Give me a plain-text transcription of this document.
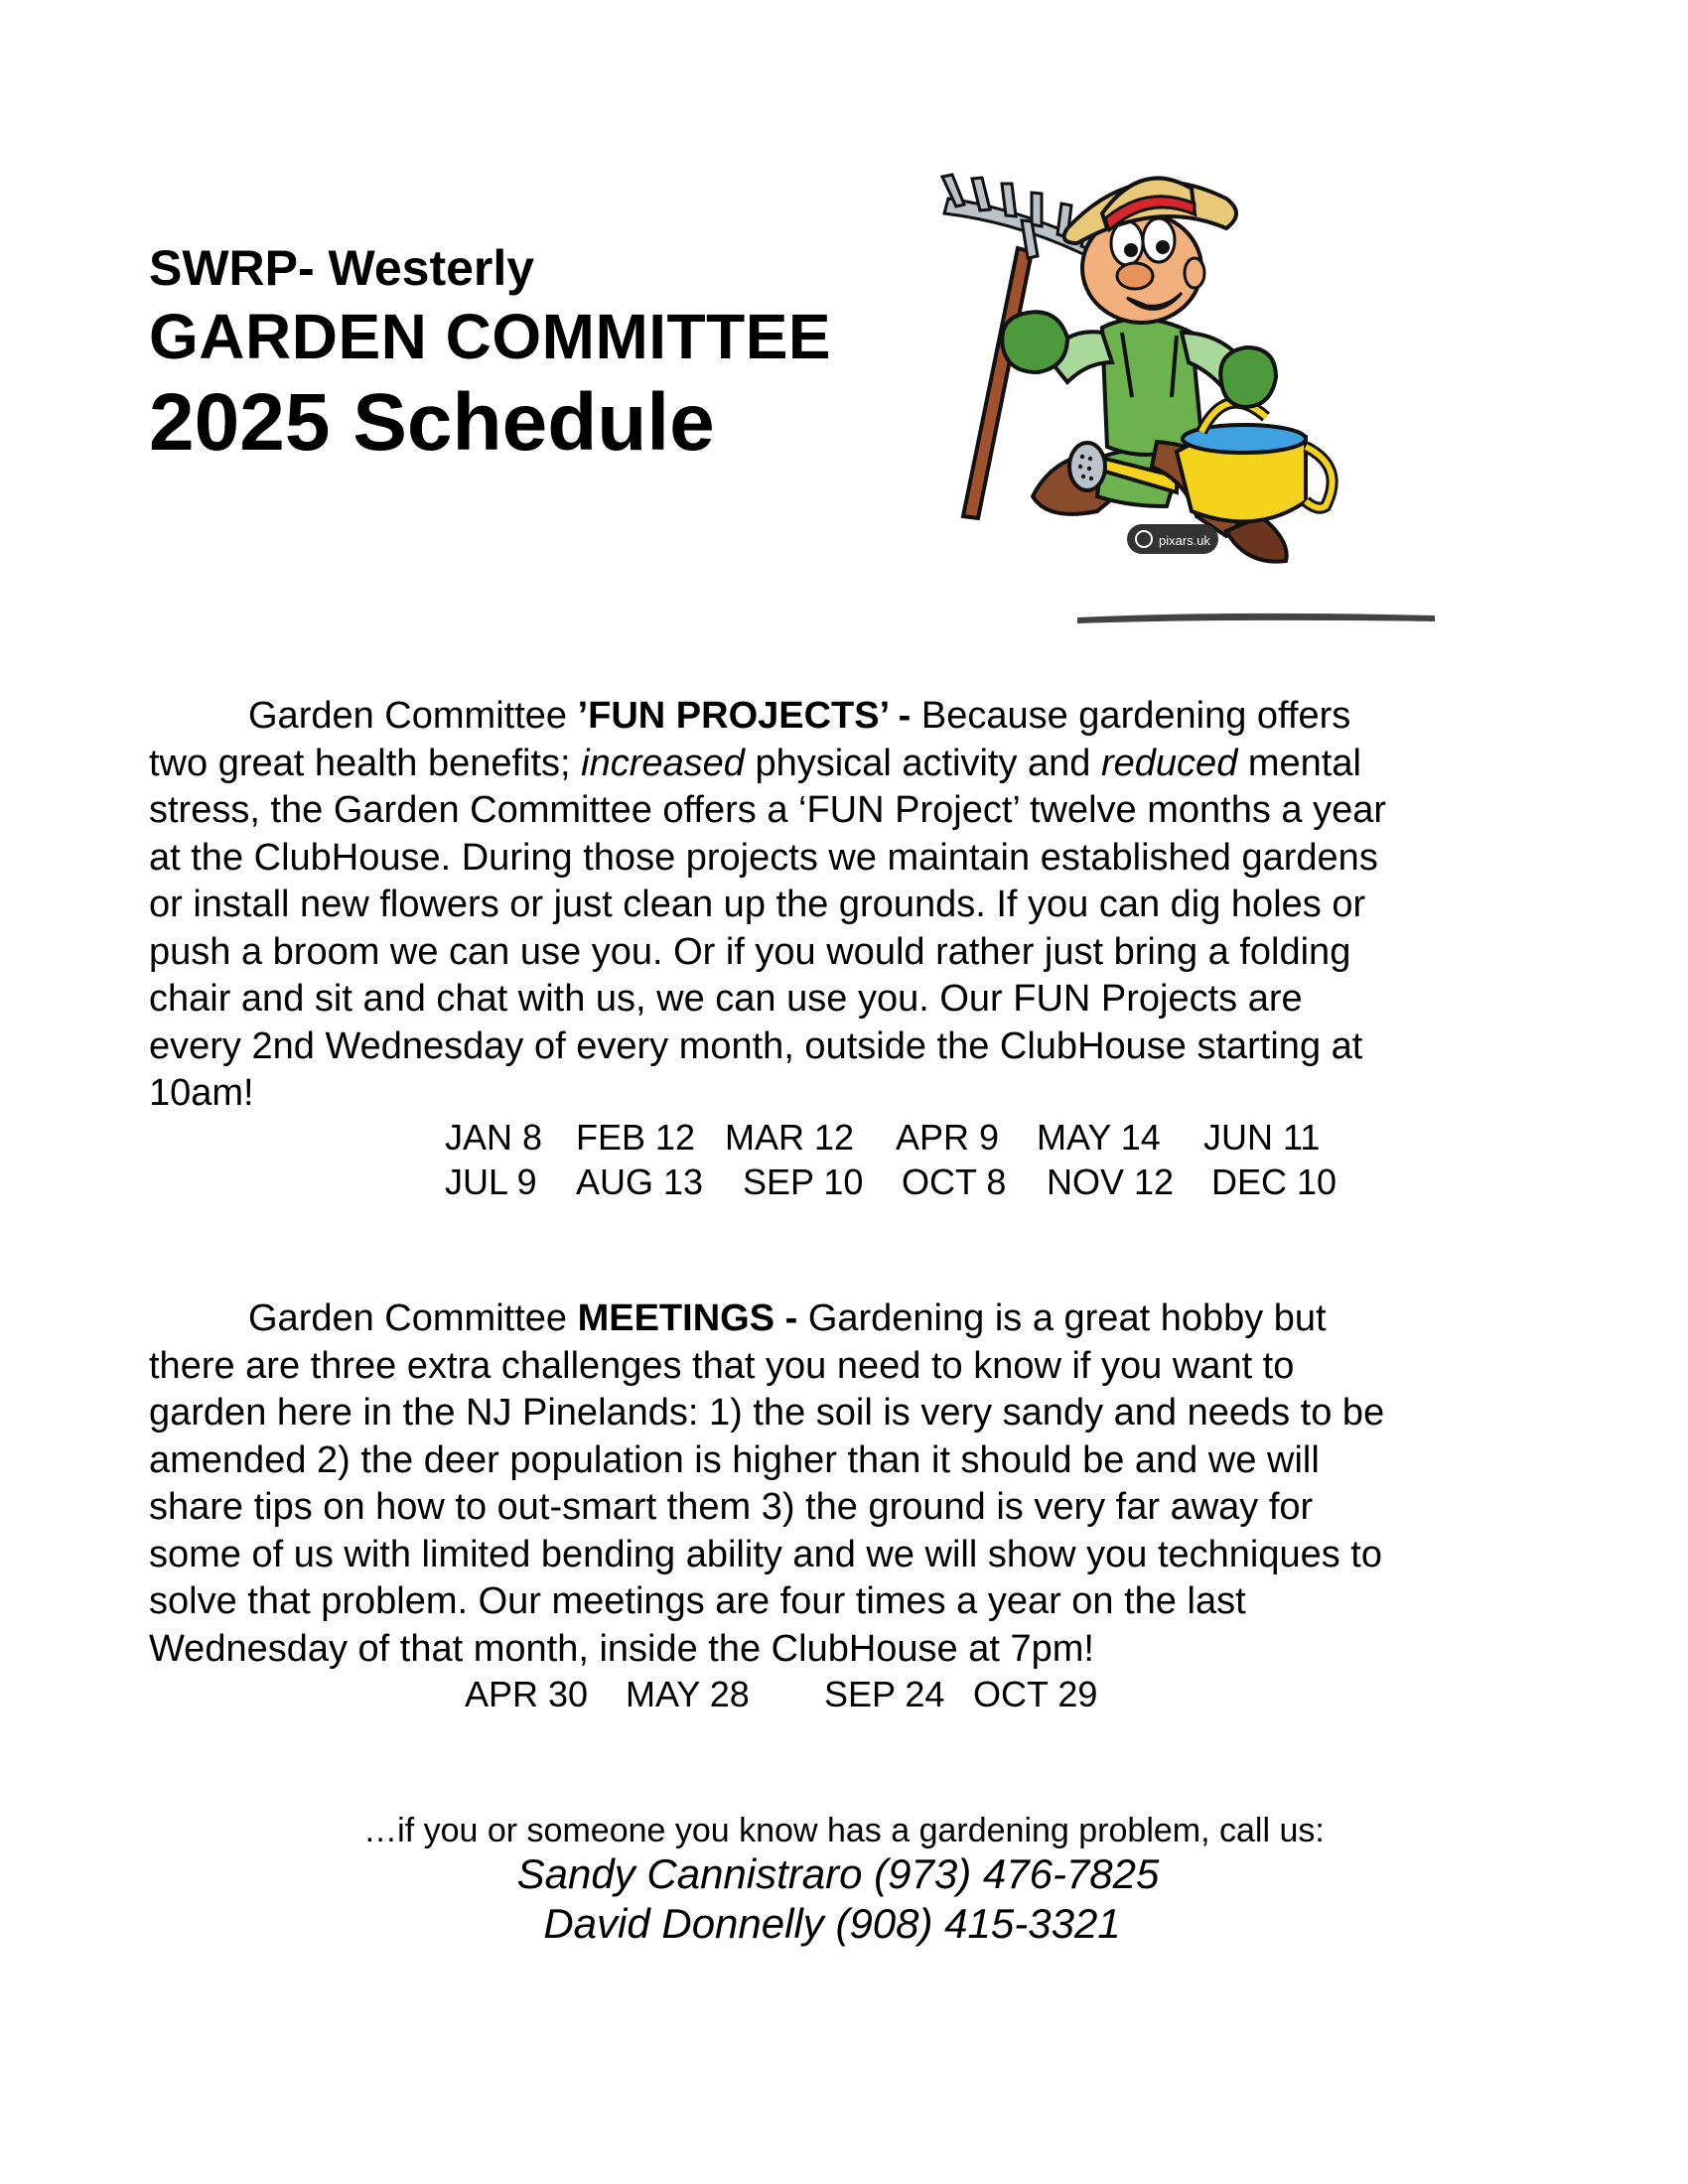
SWRP- Westerly
GARDEN COMMITTEE
2025 Schedule
pixars.uk
Garden Committee ’FUN PROJECTS’ - Because gardening offers
two great health benefits; increased physical activity and reduced mental
stress, the Garden Committee offers a ‘FUN Project’ twelve months a year
at the ClubHouse. During those projects we maintain established gardens
or install new flowers or just clean up the grounds. If you can dig holes or
push a broom we can use you. Or if you would rather just bring a folding
chair and sit and chat with us, we can use you. Our FUN Projects are
every 2nd Wednesday of every month, outside the ClubHouse starting at
10am!
JAN 8 FEB 12 MAR 12 APR 9 MAY 14 JUN 11
JUL 9 AUG 13 SEP 10 OCT 8 NOV 12 DEC 10
Garden Committee MEETINGS - Gardening is a great hobby but
there are three extra challenges that you need to know if you want to
garden here in the NJ Pinelands: 1) the soil is very sandy and needs to be
amended 2) the deer population is higher than it should be and we will
share tips on how to out-smart them 3) the ground is very far away for
some of us with limited bending ability and we will show you techniques to
solve that problem. Our meetings are four times a year on the last
Wednesday of that month, inside the ClubHouse at 7pm!
APR 30 MAY 28 SEP 24 OCT 29
…if you or someone you know has a gardening problem, call us:
Sandy Cannistraro (973) 476-7825
David Donnelly (908) 415-3321
